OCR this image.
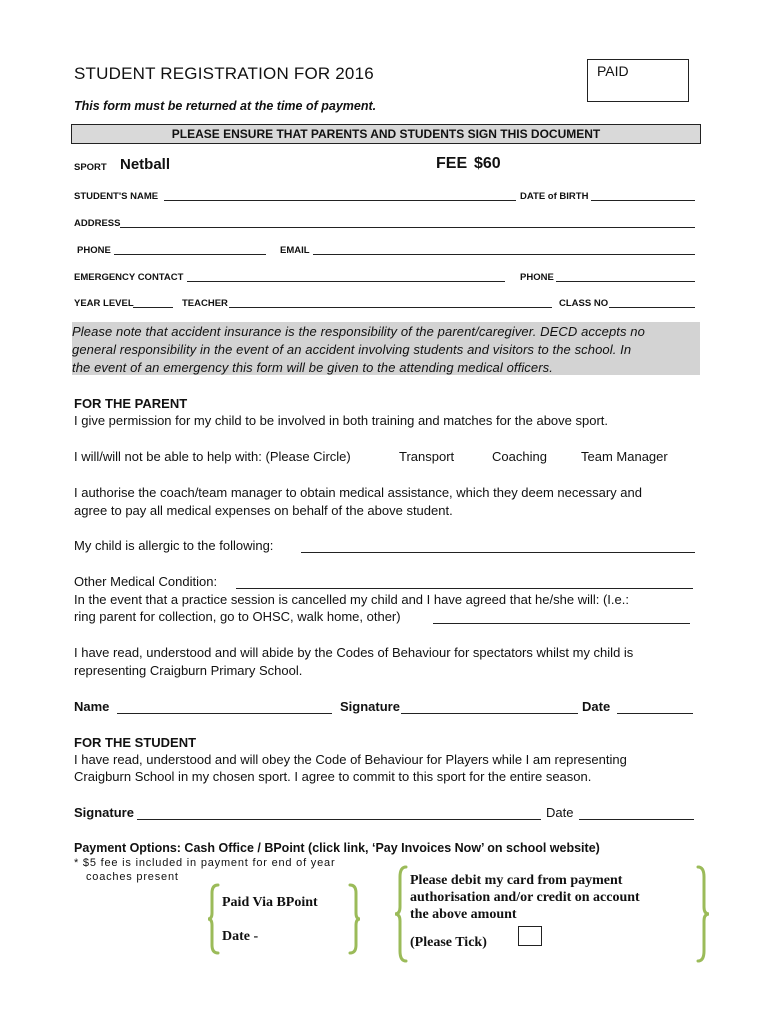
STUDENT REGISTRATION FOR 2016	PAID
This form must be returned at the time of payment.
PLEASE ENSURE THAT PARENTS AND STUDENTS SIGN THIS DOCUMENT
SPORT Netball	FEE $60
STUDENT'S NAME	DATE of BIRTH
ADDRESS
PHONE	EMAIL
EMERGENCY CONTACT	PHONE
YEAR LEVEL	TEACHER	CLASS NO
Please note that accident insurance is the responsibility of the parent/caregiver. DECD accepts no
general responsibility in the event of an accident involving students and visitors to the school. In
the event of an emergency this form will be given to the attending medical officers.
FOR THE PARENT
I give permission for my child to be involved in both training and matches for the above sport.
I will/will not be able to help with: (Please Circle)	Transport	Coaching	Team Manager
I authorise the coach/team manager to obtain medical assistance, which they deem necessary and
agree to pay all medical expenses on behalf of the above student.
My child is allergic to the following:
Other Medical Condition:
In the event that a practice session is cancelled my child and I have agreed that he/she will: (I.e.:
ring parent for collection, go to OHSC, walk home, other)
I have read, understood and will abide by the Codes of Behaviour for spectators whilst my child is
representing Craigburn Primary School.
Name	Signature	Date
FOR THE STUDENT
I have read, understood and will obey the Code of Behaviour for Players while I am representing
Craigburn School in my chosen sport. I agree to commit to this sport for the entire season.
Signature	Date
Payment Options: Cash Office / BPoint (click link, ‘Pay Invoices Now’ on school website)
* $5 fee is included in payment for end of year
coaches present
Paid Via BPoint
Date -
Please debit my card from payment
authorisation and/or credit on account
the above amount
(Please Tick)
